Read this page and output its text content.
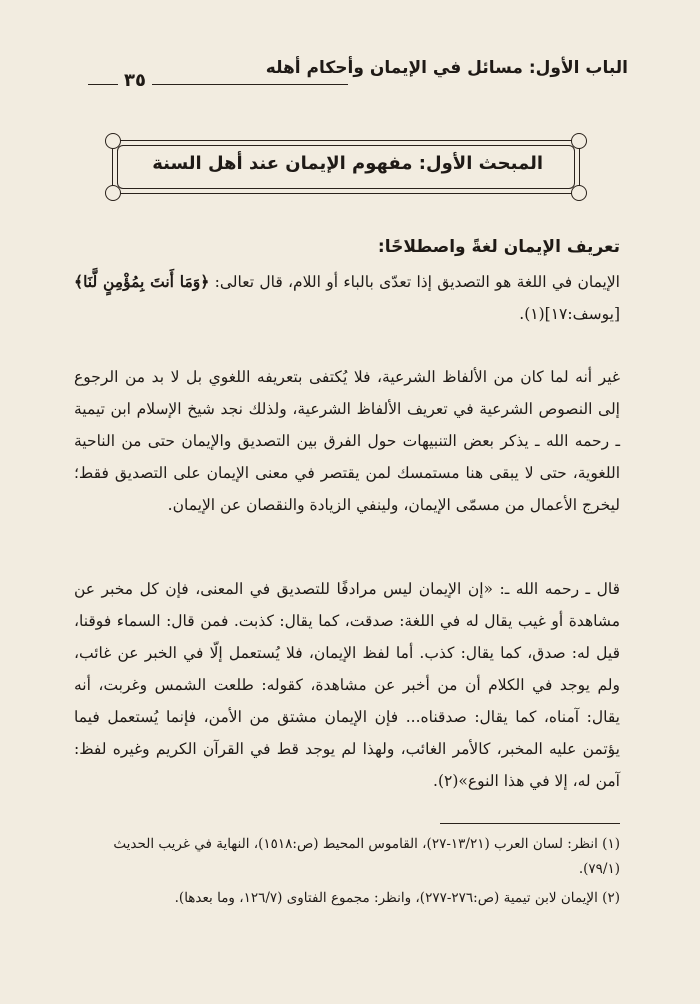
٣٥
الباب الأول: مسائل في الإيمان وأحكام أهله
المبحث الأول: مفهوم الإيمان عند أهل السنة
تعريف الإيمان لغةً واصطلاحًا:

الإيمان في اللغة هو التصديق إذا تعدّى بالباء أو اللام، قال تعالى: ﴿وَمَا أَنتَ بِمُؤْمِنٍ لَّنَا﴾ [يوسف:١٧](١).

غير أنه لما كان من الألفاظ الشرعية، فلا يُكتفى بتعريفه اللغوي بل لا بد من الرجوع إلى النصوص الشرعية في تعريف الألفاظ الشرعية، ولذلك نجد شيخ الإسلام ابن تيمية ـ رحمه الله ـ يذكر بعض التنبيهات حول الفرق بين التصديق والإيمان حتى من الناحية اللغوية، حتى لا يبقى هنا مستمسك لمن يقتصر في معنى الإيمان على التصديق فقط؛ ليخرج الأعمال من مسمّى الإيمان، ولينفي الزيادة والنقصان عن الإيمان.

قال ـ رحمه الله ـ: «إن الإيمان ليس مرادفًا للتصديق في المعنى، فإن كل مخبر عن مشاهدة أو غيب يقال له في اللغة: صدقت، كما يقال: كذبت. فمن قال: السماء فوقنا، قيل له: صدق، كما يقال: كذب. أما لفظ الإيمان، فلا يُستعمل إلّا في الخبر عن غائب، ولم يوجد في الكلام أن من أخبر عن مشاهدة، كقوله: طلعت الشمس وغربت، أنه يقال: آمناه، كما يقال: صدقناه... فإن الإيمان مشتق من الأمن، فإنما يُستعمل فيما يؤتمن عليه المخبر، كالأمر الغائب، ولهذا لم يوجد قط في القرآن الكريم وغيره لفظ: آمن له، إلا في هذا النوع»(٢).

(١) انظر: لسان العرب (١٣/٢١-٢٧)، القاموس المحيط (ص:١٥١٨)، النهاية في غريب الحديث (٧٩/١).

(٢) الإيمان لابن تيمية (ص:٢٧٦-٢٧٧)، وانظر: مجموع الفتاوى (١٢٦/٧، وما بعدها).
